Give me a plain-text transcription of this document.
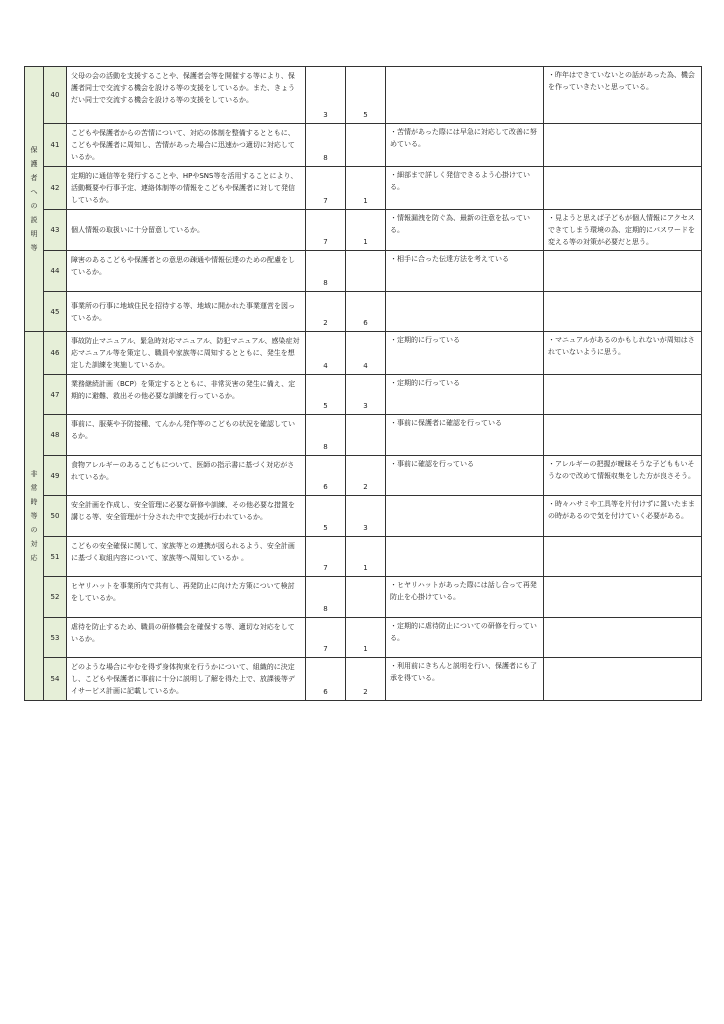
保護者への説明等	40	父母の会の活動を支援することや、保護者会等を開催する等により、保護者同士で交流する機会を設ける等の支援をしているか。また、きょうだい同士で交流する機会を設ける等の支援をしているか。	3	5		・昨年はできていないとの話があった為、機会を作っていきたいと思っている。
	41	こどもや保護者からの苦情について、対応の体制を整備するとともに、こどもや保護者に周知し、苦情があった場合に迅速かつ適切に対応しているか。	8		・苦情があった際には早急に対応して改善に努めている。	
	42	定期的に通信等を発行することや、HPやSNS等を活用することにより、活動概要や行事予定、連絡体制等の情報をこどもや保護者に対して発信しているか。	7	1	・細部まで詳しく発信できるよう心掛けている。	
	43	個人情報の取扱いに十分留意しているか。	7	1	・情報漏洩を防ぐ為、最新の注意を払っている。	・見ようと思えば子どもが個人情報にアクセスできてしまう環境の為、定期的にパスワードを変える等の対策が必要だと思う。
	44	障害のあるこどもや保護者との意思の疎通や情報伝達のための配慮をしているか。	8		・相手に合った伝達方法を考えている	
	45	事業所の行事に地域住民を招待する等、地域に開かれた事業運営を図っているか。	2	6		
非常時等の対応	46	事故防止マニュアル、緊急時対応マニュアル、防犯マニュアル、感染症対応マニュアル等を策定し、職員や家族等に周知するとともに、発生を想定した訓練を実施しているか。	4	4	・定期的に行っている	・マニュアルがあるのかもしれないが周知はされていないように思う。
	47	業務継続計画（BCP）を策定するとともに、非常災害の発生に備え、定期的に避難、救出その他必要な訓練を行っているか。	5	3	・定期的に行っている	
	48	事前に、服薬や予防接種、てんかん発作等のこどもの状況を確認しているか。	8		・事前に保護者に確認を行っている	
	49	食物アレルギーのあるこどもについて、医師の指示書に基づく対応がされているか。	6	2	・事前に確認を行っている	・アレルギーの把握が曖昧そうな子どももいそうなので改めて情報収集をした方が良さそう。
	50	安全計画を作成し、安全管理に必要な研修や訓練、その他必要な措置を講じる等、安全管理が十分された中で支援が行われているか。	5	3		・時々ハサミや工具等を片付けずに置いたままの時があるので気を付けていく必要がある。
	51	こどもの安全確保に関して、家族等との連携が図られるよう、安全計画に基づく取組内容について、家族等へ周知しているか 。	7	1		
	52	ヒヤリハットを事業所内で共有し、再発防止に向けた方策について検討をしているか。	8		・ヒヤリハットがあった際には話し合って再発防止を心掛けている。	
	53	虐待を防止するため、職員の研修機会を確保する等、適切な対応をしているか。	7	1	・定期的に虐待防止についての研修を行っている。	
	54	どのような場合にやむを得ず身体拘束を行うかについて、組織的に決定し、こどもや保護者に事前に十分に説明し了解を得た上で、放課後等デイサービス計画に記載しているか。	6	2	・利用前にきちんと説明を行い、保護者にも了承を得ている。	
